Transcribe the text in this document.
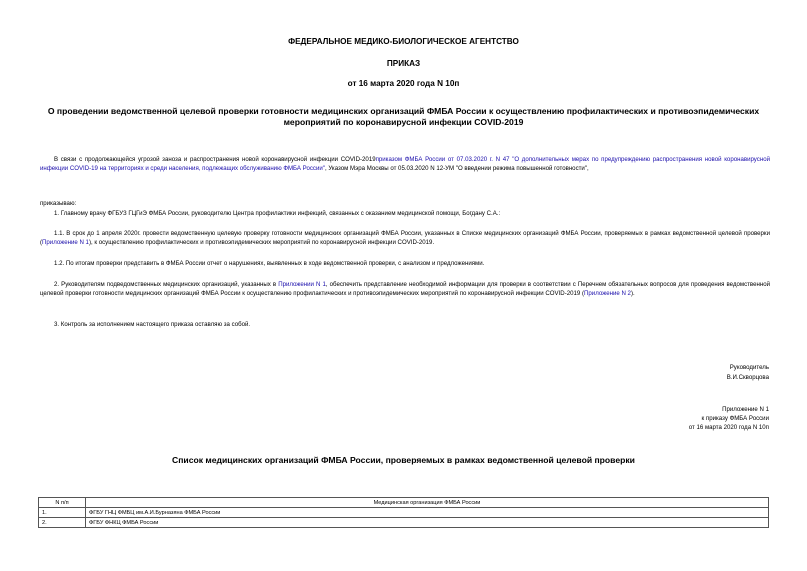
ФЕДЕРАЛЬНОЕ МЕДИКО-БИОЛОГИЧЕСКОЕ АГЕНТСТВО
ПРИКАЗ
от 16 марта 2020 года N 10п
О проведении ведомственной целевой проверки готовности медицинских организаций ФМБА России к осуществлению профилактических и противоэпидемических мероприятий по коронавирусной инфекции COVID-2019
В связи с продолжающейся угрозой заноза и распространения новой коронавирусной инфекции COVID-2019приказом ФМБА России от 07.03.2020 г. N 47 "О дополнительных мерах по предупреждению распространения новой коронавирусной инфекции COVID-19 на территориях и среди населения, подлежащих обслуживанию ФМБА России", Указом Мэра Москвы от 05.03.2020 N 12-УМ "О введении режима повышенной готовности",
приказываю:
1. Главному врачу ФГБУЗ ГЦГиЭ ФМБА России, руководителю Центра профилактики инфекций, связанных с оказанием медицинской помощи, Богдану С.А.:
1.1. В срок до 1 апреля 2020г. провести ведомственную целевую проверку готовности медицинских организаций ФМБА России, указанных в Списке медицинских организаций ФМБА России, проверяемых в рамках ведомственной целевой проверки (Приложение N 1), к осуществлению профилактических и противоэпидемических мероприятий по коронавирусной инфекции COVID-2019.
1.2. По итогам проверки представить в ФМБА России отчет о нарушениях, выявленных в ходе ведомственной проверки, с анализом и предложениями.
2. Руководителям подведомственных медицинских организаций, указанных в Приложении N 1, обеспечить представление необходимой информации для проверки в соответствии с Перечнем обязательных вопросов для проведения ведомственной целевой проверки готовности медицинских организаций ФМБА России к осуществлению профилактических и противоэпидемических мероприятий по коронавирусной инфекции COVID-2019 (Приложение N 2).
3. Контроль за исполнением настоящего приказа оставляю за собой.
Руководитель
В.И.Скворцова
Приложение N 1
к приказу ФМБА России
от 16 марта 2020 года N 10п
Список медицинских организаций ФМБА России, проверяемых в рамках ведомственной целевой проверки
N п/п	Медицинская организация ФМБА России
1.	ФГБУ ГНЦ ФМБЦ им.А.И.Бурназяна ФМБА России
2.	ФГБУ ФНКЦ ФМБА России
